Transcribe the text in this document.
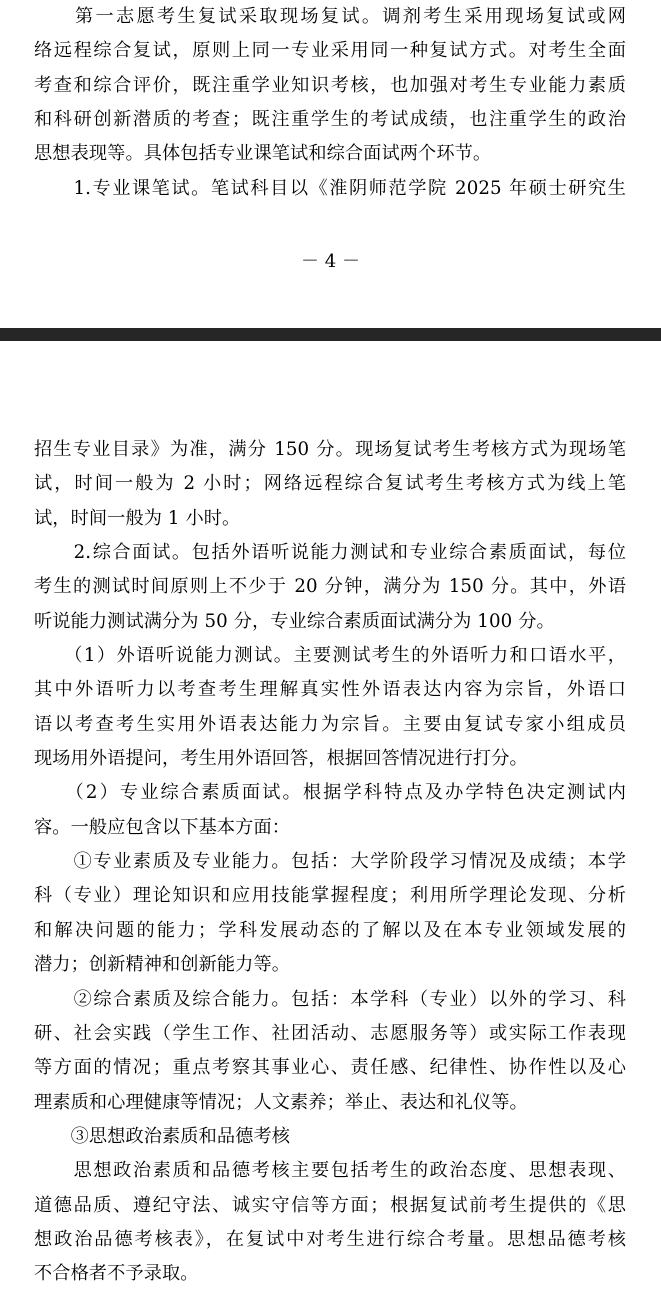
　　第一志愿考生复试采取现场复试。调剂考生采用现场复试或网
络远程综合复试，原则上同一专业采用同一种复试方式。对考生全面
考查和综合评价，既注重学业知识考核，也加强对考生专业能力素质
和科研创新潜质的考查；既注重学生的考试成绩，也注重学生的政治
思想表现等。具体包括专业课笔试和综合面试两个环节。
　　1.专业课笔试。笔试科目以《淮阴师范学院 2025 年硕士研究生
－ 4 －
招生专业目录》为准，满分 150 分。现场复试考生考核方式为现场笔
试，时间一般为 2 小时；网络远程综合复试考生考核方式为线上笔
试，时间一般为 1 小时。
　　2.综合面试。包括外语听说能力测试和专业综合素质面试，每位
考生的测试时间原则上不少于 20 分钟，满分为 150 分。其中，外语
听说能力测试满分为 50 分，专业综合素质面试满分为 100 分。
　　（1）外语听说能力测试。主要测试考生的外语听力和口语水平，
其中外语听力以考查考生理解真实性外语表达内容为宗旨，外语口
语以考查考生实用外语表达能力为宗旨。主要由复试专家小组成员
现场用外语提问，考生用外语回答，根据回答情况进行打分。
　　（2）专业综合素质面试。根据学科特点及办学特色决定测试内
容。一般应包含以下基本方面：
　　①专业素质及专业能力。包括：大学阶段学习情况及成绩；本学
科（专业）理论知识和应用技能掌握程度；利用所学理论发现、分析
和解决问题的能力；学科发展动态的了解以及在本专业领域发展的
潜力；创新精神和创新能力等。
　　②综合素质及综合能力。包括：本学科（专业）以外的学习、科
研、社会实践（学生工作、社团活动、志愿服务等）或实际工作表现
等方面的情况；重点考察其事业心、责任感、纪律性、协作性以及心
理素质和心理健康等情况；人文素养；举止、表达和礼仪等。
　　③思想政治素质和品德考核
　　思想政治素质和品德考核主要包括考生的政治态度、思想表现、
道德品质、遵纪守法、诚实守信等方面；根据复试前考生提供的《思
想政治品德考核表》，在复试中对考生进行综合考量。思想品德考核
不合格者不予录取。
